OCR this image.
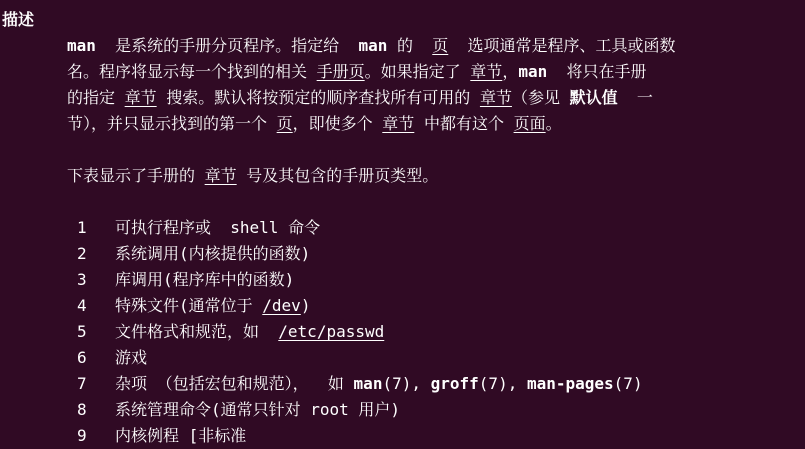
描述
man  是系统的手册分页程序。指定给  man 的  页  选项通常是程序、工具或函数
名。程序将显示每一个找到的相关 手册页。如果指定了 章节，man  将只在手册
的指定 章节 搜索。默认将按预定的顺序查找所有可用的 章节（参见 默认值  一
节），并只显示找到的第一个 页，即使多个 章节 中都有这个 页面。
下表显示了手册的 章节 号及其包含的手册页类型。
1 可执行程序或  shell 命令
2 系统调用(内核提供的函数)
3 库调用(程序库中的函数)
4 特殊文件(通常位于 /dev)
5 文件格式和规范，如  /etc/passwd
6 游戏
7 杂项 （包括宏包和规范），  如 man(7), groff(7), man-pages(7)
8 系统管理命令(通常只针对 root 用户)
9 内核例程 [非标准
